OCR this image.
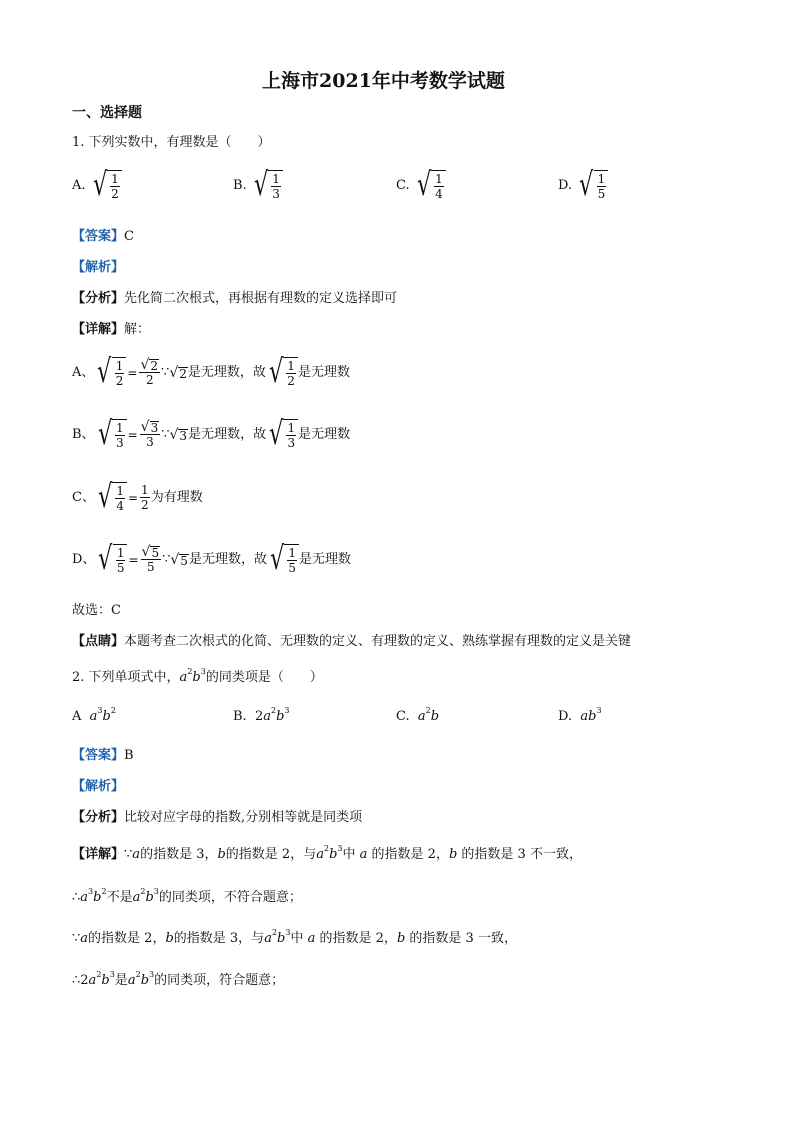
上海市2021年中考数学试题
一、选择题
1. 下列实数中，有理数是（　　）
A.
√ $\frac{1}{2}$	B.
√ $\frac{1}{3}$	C.
√ $\frac{1}{4}$	D.
√ $\frac{1}{5}$
【答案】C
【解析】
【分析】先化简二次根式，再根据有理数的定义选择即可
【详解】解：
A、 √ $\frac{1}{2} = \frac{√ 2}{2}$ ∵ √ 2 是无理数，故 √ $\frac{1}{2}$ 是无理数
B、 √ $\frac{1}{3} = \frac{√ 3}{3}$ ∵ √ 3 是无理数，故 √ $\frac{1}{3}$ 是无理数
C、 √ $\frac{1}{4} = \frac{1}{2}$ 为有理数
D、 √ $\frac{1}{5} = \frac{√ 5}{5}$ ∵ √ 5 是无理数，故 √ $\frac{1}{5}$ 是无理数
故选：C
【点睛】本题考查二次根式的化简、无理数的定义、有理数的定义、熟练掌握有理数的定义是关键
2. 下列单项式中，$a^2b^3$的同类项是（　　）
A $a^3b^2$	B.  $2a^2b^3$	C. $a^2b$	D. $ab^3$
【答案】B
【解析】
【分析】比较对应字母的指数,分别相等就是同类项
【详解】∵a的指数是 3，b的指数是 2，与$a^2b^3$中 a 的指数是 2，b 的指数是 3 不一致，
$\therefore a^3b^2$不是$a^2b^3$的同类项，不符合题意；
∵a的指数是 2，b的指数是 3，与$a^2b^3$中 a 的指数是 2，b 的指数是 3 一致，
$\therefore 2a^2b^3$是$a^2b^3$的同类项，符合题意；
